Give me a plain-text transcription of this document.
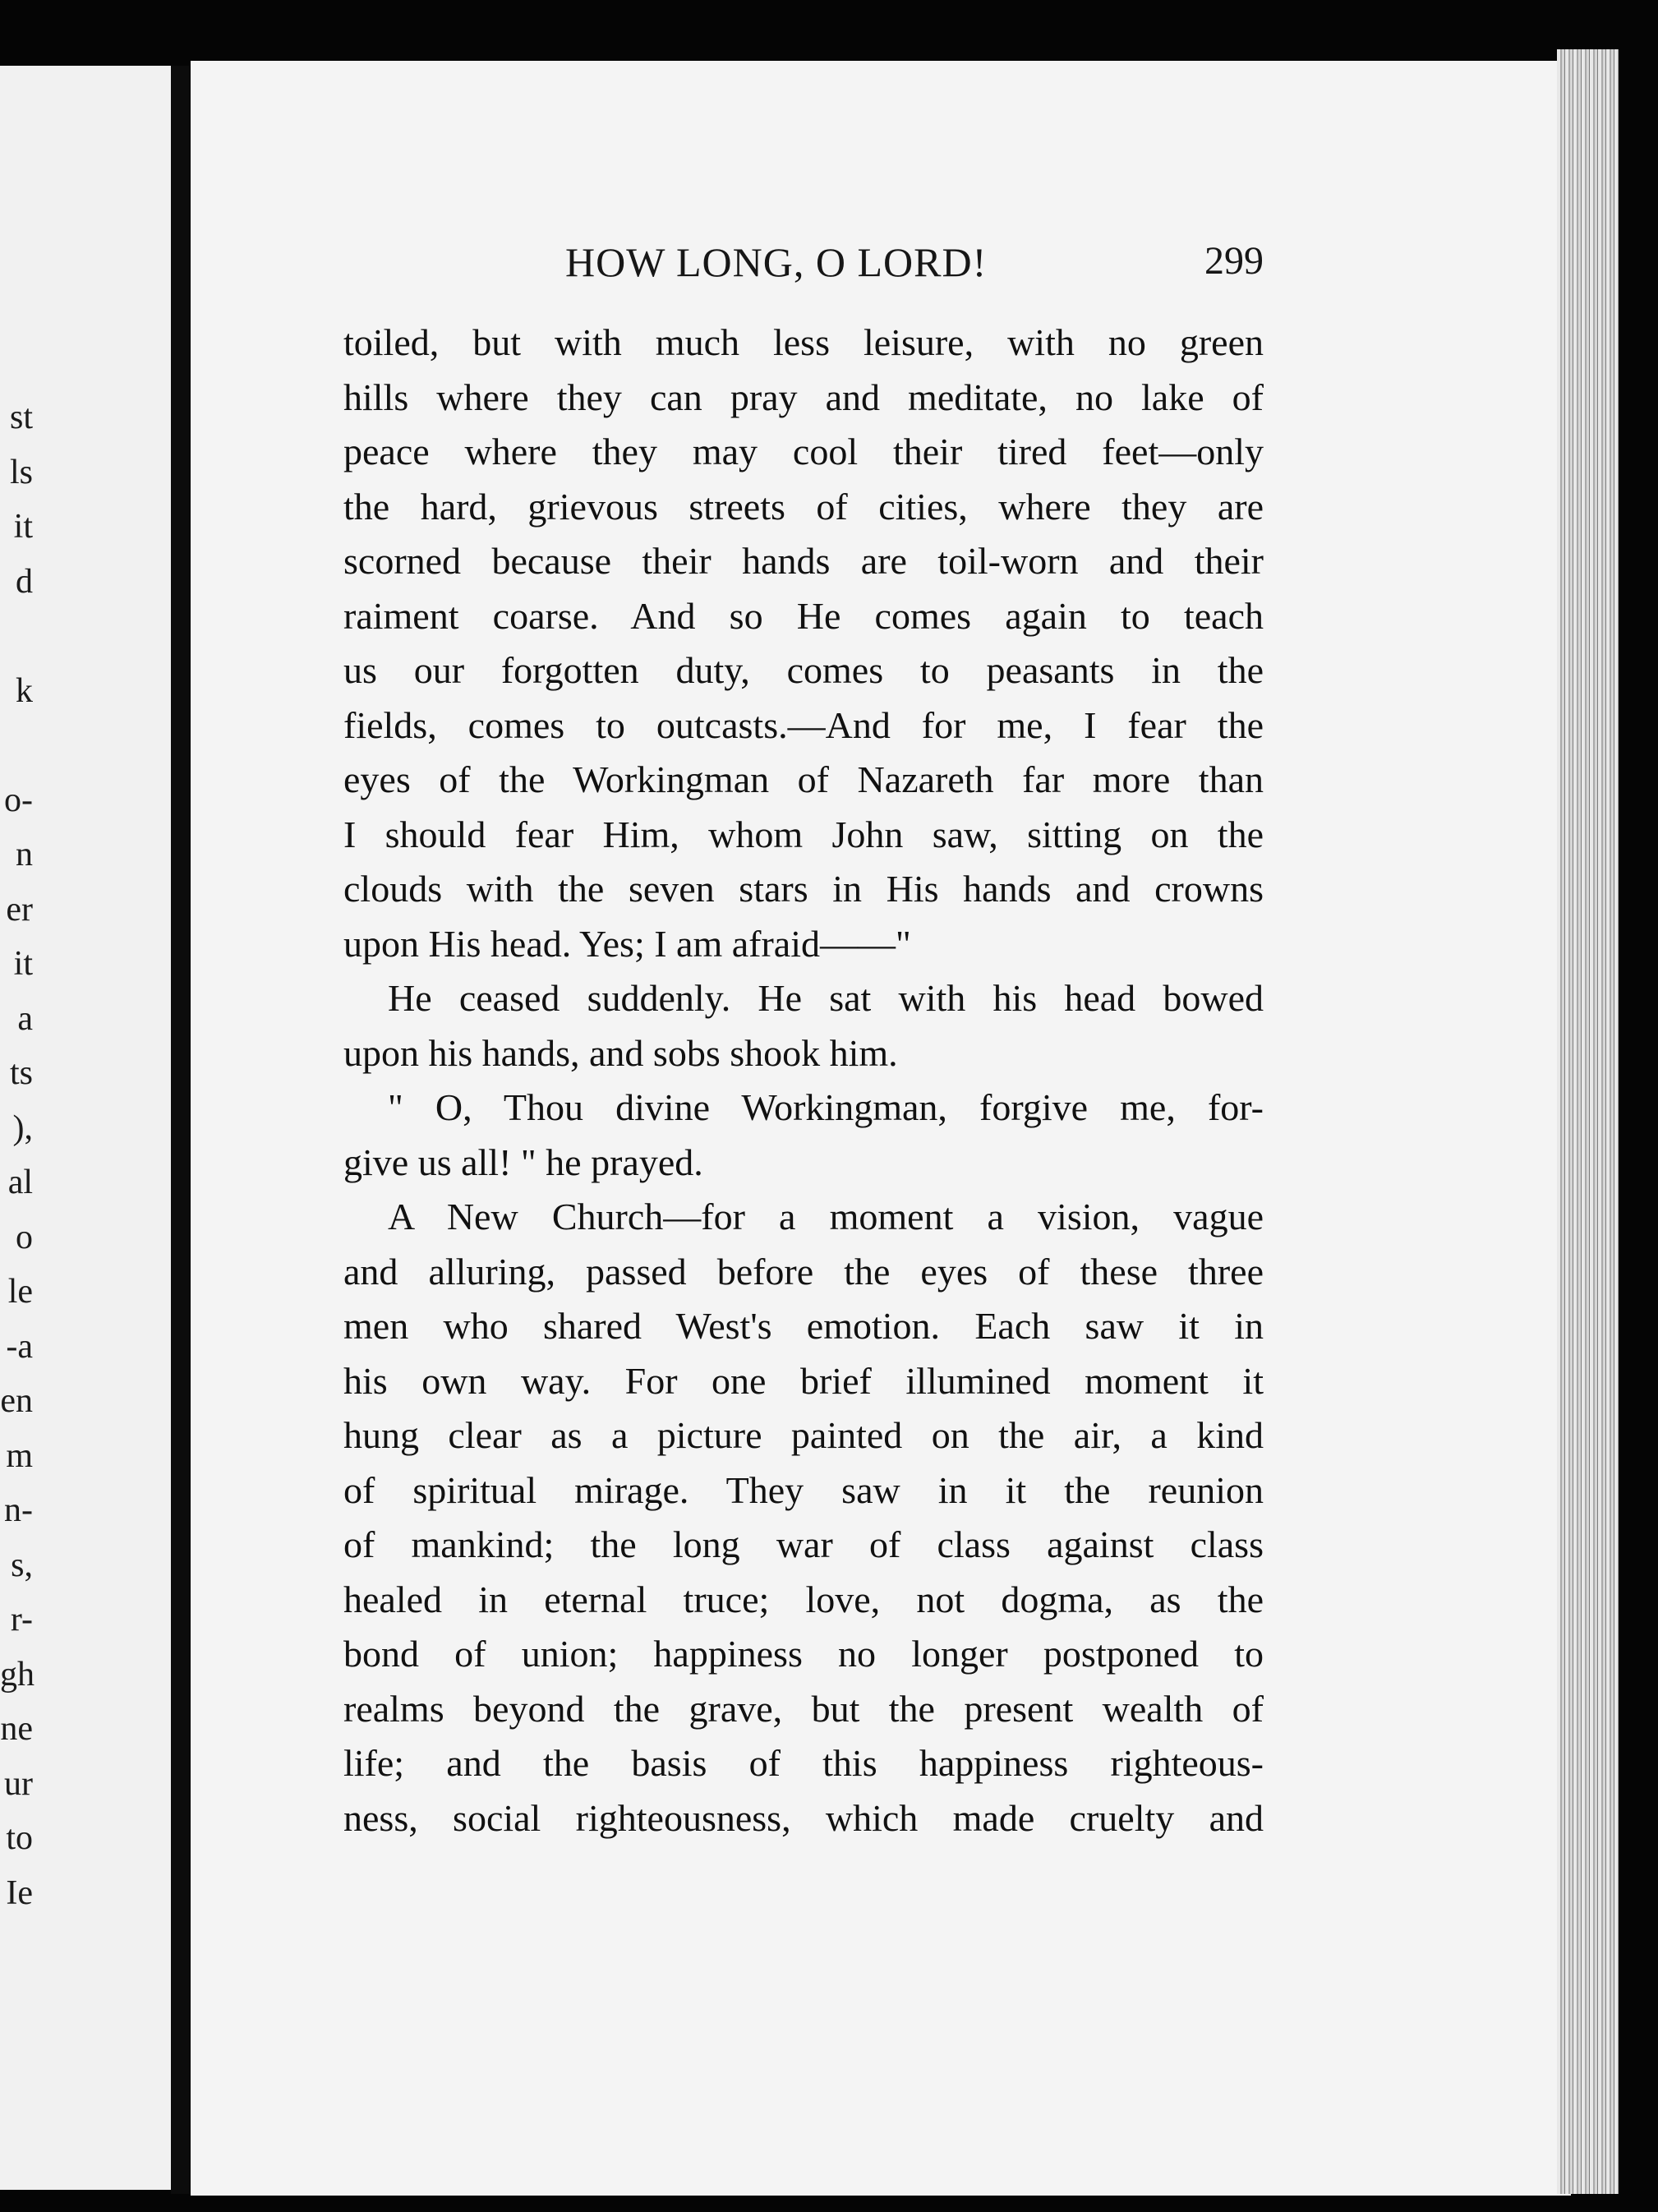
st
ls
it
d
k
o-
n
er
it
a
ts
),
al
o
le
-a
en
m
n-
s,
r-
gh
ne
ur
to
Ie
HOW LONG, O LORD!	299
toiled, but with much less leisure, with no green
hills where they can pray and meditate, no lake of
peace where they may cool their tired feet—only
the hard, grievous streets of cities, where they are
scorned because their hands are toil-worn and their
raiment coarse. And so He comes again to teach
us our forgotten duty, comes to peasants in the
fields, comes to outcasts.—And for me, I fear the
eyes of the Workingman of Nazareth far more than
I should fear Him, whom John saw, sitting on the
clouds with the seven stars in His hands and crowns
upon His head. Yes; I am afraid——"
He ceased suddenly. He sat with his head bowed
upon his hands, and sobs shook him.
" O, Thou divine Workingman, forgive me, for-
give us all! " he prayed.
A New Church—for a moment a vision, vague
and alluring, passed before the eyes of these three
men who shared West's emotion. Each saw it in
his own way. For one brief illumined moment it
hung clear as a picture painted on the air, a kind
of spiritual mirage. They saw in it the reunion
of mankind; the long war of class against class
healed in eternal truce; love, not dogma, as the
bond of union; happiness no longer postponed to
realms beyond the grave, but the present wealth of
life; and the basis of this happiness righteous-
ness, social righteousness, which made cruelty and
